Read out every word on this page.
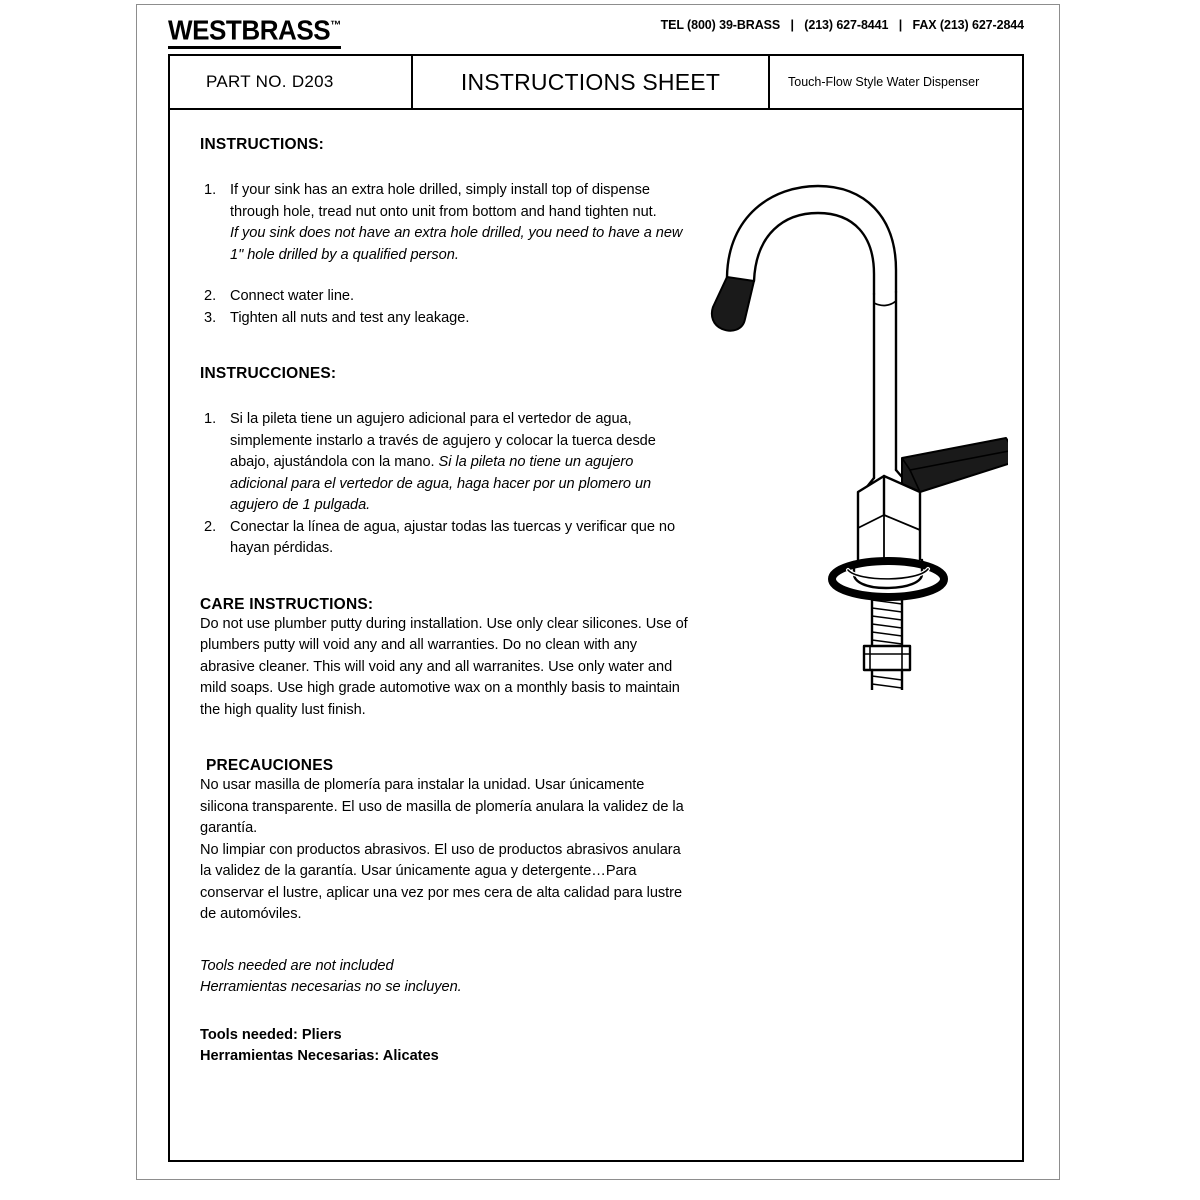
WESTBRASS™	TEL (800) 39-BRASS | (213) 627-8441 | FAX (213) 627-2844
PART NO. D203	INSTRUCTIONS SHEET	Touch-Flow Style Water Dispenser
INSTRUCTIONS:
1. If your sink has an extra hole drilled, simply install top of dispense through hole, tread nut onto unit from bottom and hand tighten nut.
If you sink does not have an extra hole drilled, you need to have a new 1" hole drilled by a qualified person.
2. Connect water line.
3. Tighten all nuts and test any leakage.
INSTRUCCIONES:
1. Si la pileta tiene un agujero adicional para el vertedor de agua, simplemente instarlo a través de agujero y colocar la tuerca desde abajo, ajustándola con la mano. Si la pileta no tiene un agujero adicional para el vertedor de agua, haga hacer por un plomero un agujero de 1 pulgada.
2. Conectar la línea de agua, ajustar todas las tuercas y verificar que no hayan pérdidas.
CARE INSTRUCTIONS:
Do not use plumber putty during installation. Use only clear silicones. Use of plumbers putty will void any and all warranties. Do no clean with any abrasive cleaner. This will void any and all warranites. Use only water and mild soaps. Use high grade automotive wax on a monthly basis to maintain the high quality lust finish.
PRECAUCIONES
No usar masilla de plomería para instalar la unidad. Usar únicamente silicona transparente. El uso de masilla de plomería anulara la validez de la garantía.
No limpiar con productos abrasivos. El uso de productos abrasivos anulara la validez de la garantía. Usar únicamente agua y detergente…Para conservar el lustre, aplicar una vez por mes cera de alta calidad para lustre de automóviles.
Tools needed are not included
Herramientas necesarias no se incluyen.
Tools needed: Pliers
Herramientas Necesarias: Alicates
